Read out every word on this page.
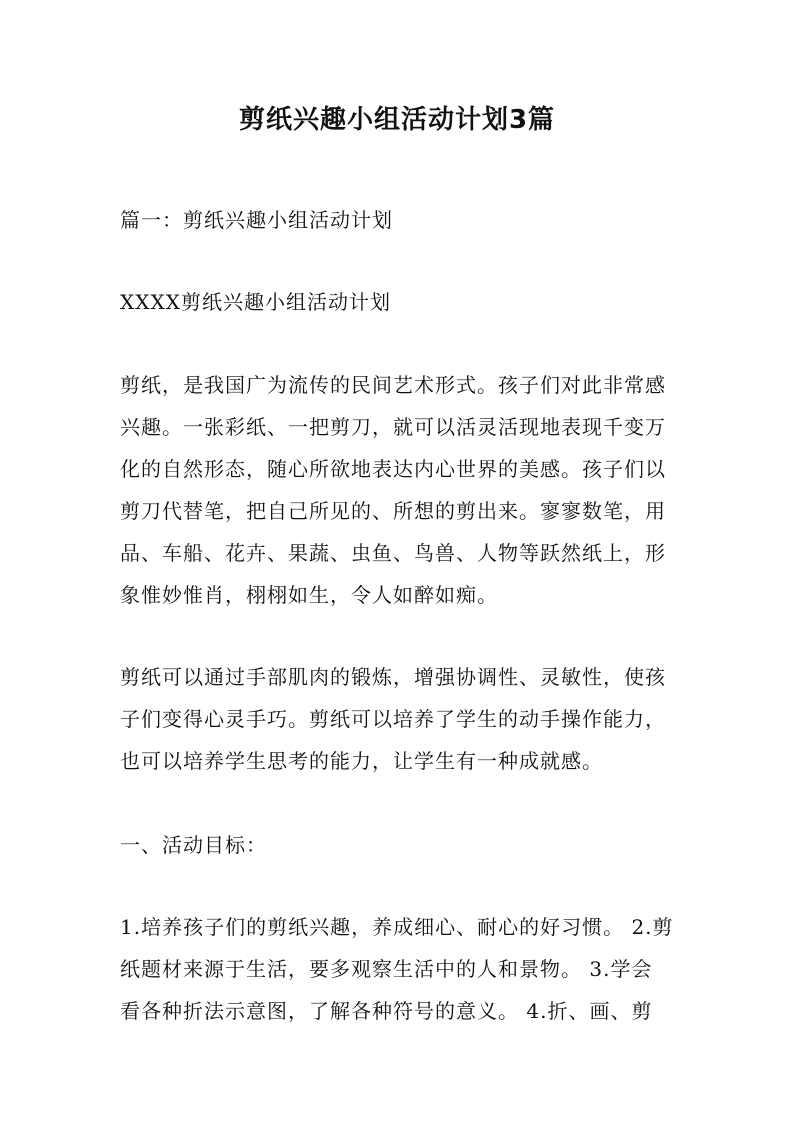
剪纸兴趣小组活动计划3篇
篇一：剪纸兴趣小组活动计划
XXXX剪纸兴趣小组活动计划
剪纸，是我国广为流传的民间艺术形式。孩子们对此非常感
兴趣。一张彩纸、一把剪刀，就可以活灵活现地表现千变万
化的自然形态，随心所欲地表达内心世界的美感。孩子们以
剪刀代替笔，把自己所见的、所想的剪出来。寥寥数笔，用
品、车船、花卉、果蔬、虫鱼、鸟兽、人物等跃然纸上，形
象惟妙惟肖，栩栩如生，令人如醉如痴。
剪纸可以通过手部肌肉的锻炼，增强协调性、灵敏性，使孩
子们变得心灵手巧。剪纸可以培养了学生的动手操作能力，
也可以培养学生思考的能力，让学生有一种成就感。
一、活动目标：
1.培养孩子们的剪纸兴趣，养成细心、耐心的好习惯。 2.剪
纸题材来源于生活，要多观察生活中的人和景物。 3.学会
看各种折法示意图，了解各种符号的意义。 4.折、画、剪
